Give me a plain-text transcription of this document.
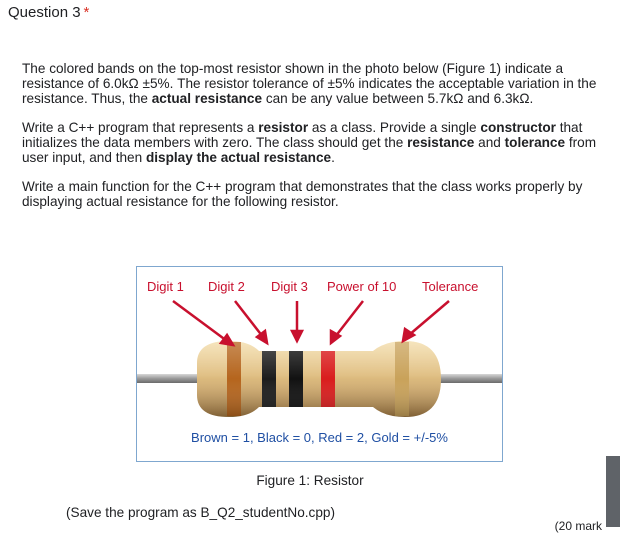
Question 3 *

The colored bands on the top-most resistor shown in the photo below (Figure 1) indicate a resistance of 6.0kΩ ±5%. The resistor tolerance of ±5% indicates the acceptable variation in the resistance. Thus, the actual resistance can be any value between 5.7kΩ and 6.3kΩ.

Write a C++ program that represents a resistor as a class. Provide a single constructor that initializes the data members with zero. The class should get the resistance and tolerance from user input, and then display the actual resistance.

Write a main function for the C++ program that demonstrates that the class works properly by displaying actual resistance for the following resistor.

Digit 1 Digit 2 Digit 3 Power of 10 Tolerance
Brown = 1, Black = 0, Red = 2, Gold = +/-5%
Figure 1: Resistor
(Save the program as B_Q2_studentNo.cpp)
(20 mark
